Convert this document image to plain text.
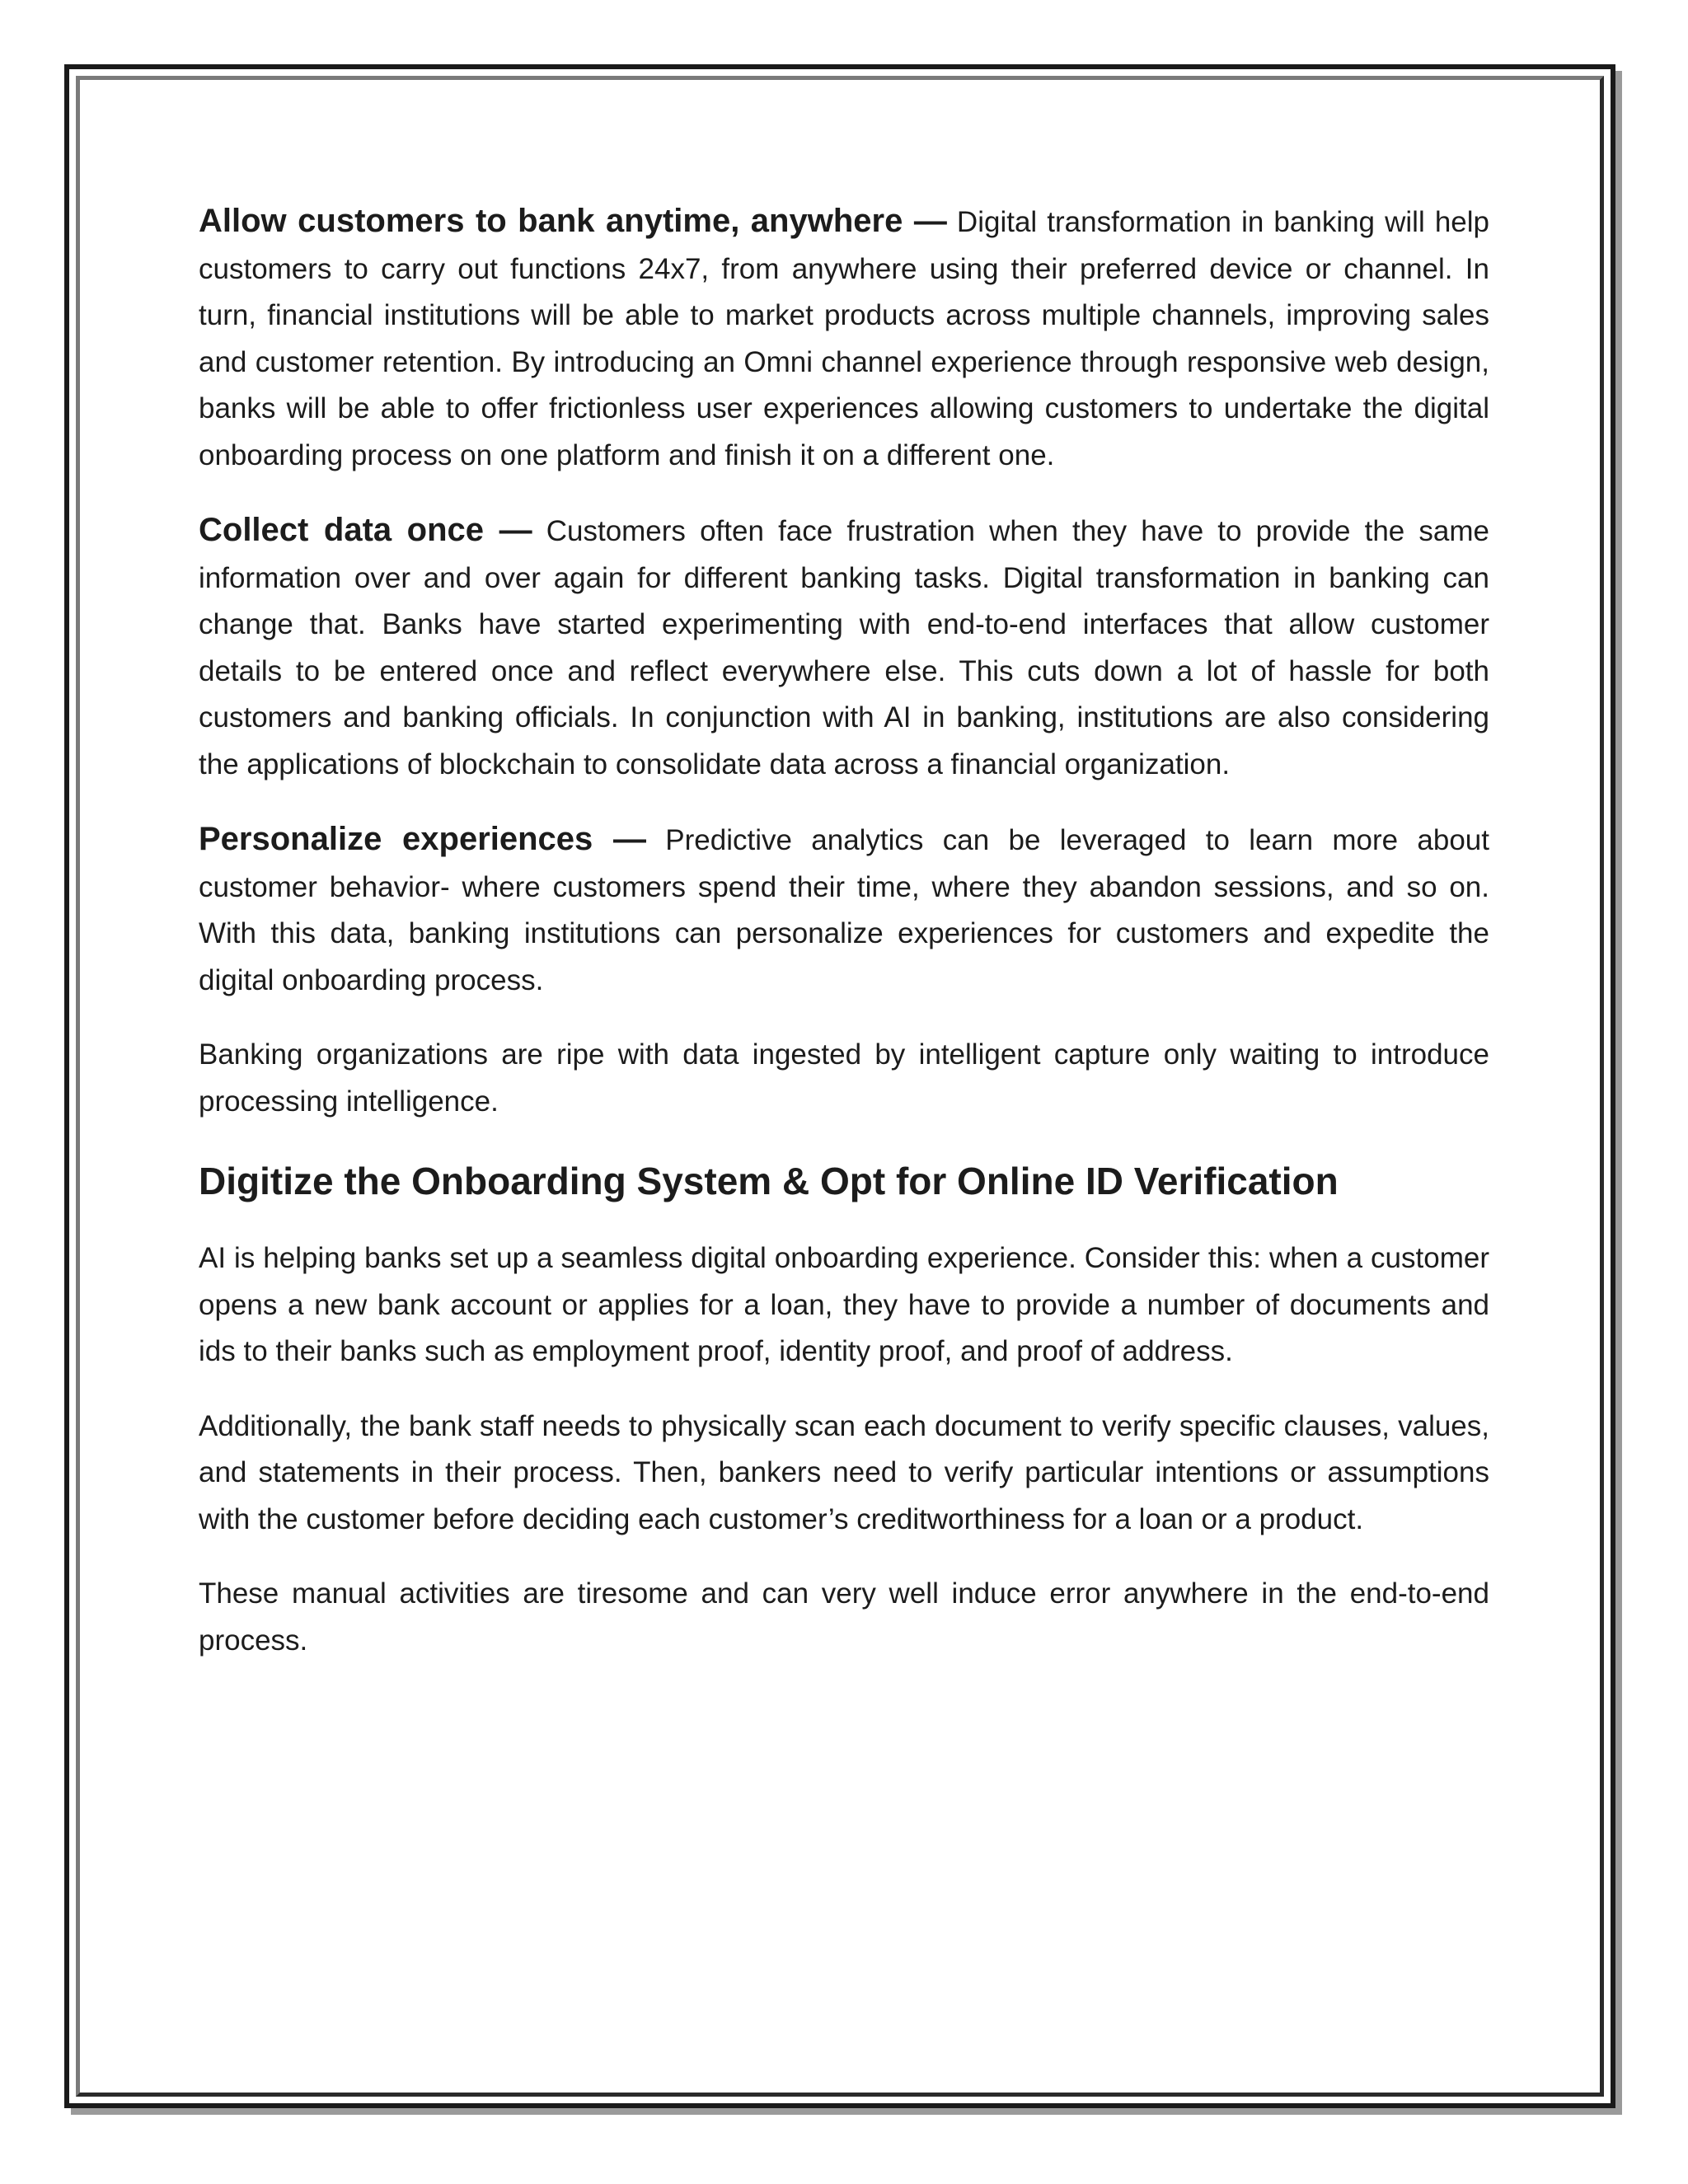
Allow customers to bank anytime, anywhere — Digital transformation in banking will help customers to carry out functions 24x7, from anywhere using their preferred device or channel. In turn, financial institutions will be able to market products across multiple channels, improving sales and customer retention. By introducing an Omni channel experience through responsive web design, banks will be able to offer frictionless user experiences allowing customers to undertake the digital onboarding process on one platform and finish it on a different one.

Collect data once — Customers often face frustration when they have to provide the same information over and over again for different banking tasks. Digital transformation in banking can change that. Banks have started experimenting with end-to-end interfaces that allow customer details to be entered once and reflect everywhere else. This cuts down a lot of hassle for both customers and banking officials. In conjunction with AI in banking, institutions are also considering the applications of blockchain to consolidate data across a financial organization.

Personalize experiences — Predictive analytics can be leveraged to learn more about customer behavior- where customers spend their time, where they abandon sessions, and so on. With this data, banking institutions can personalize experiences for customers and expedite the digital onboarding process.

Banking organizations are ripe with data ingested by intelligent capture only waiting to introduce processing intelligence.

Digitize the Onboarding System & Opt for Online ID Verification

AI is helping banks set up a seamless digital onboarding experience. Consider this: when a customer opens a new bank account or applies for a loan, they have to provide a number of documents and ids to their banks such as employment proof, identity proof, and proof of address.

Additionally, the bank staff needs to physically scan each document to verify specific clauses, values, and statements in their process. Then, bankers need to verify particular intentions or assumptions with the customer before deciding each customer’s creditworthiness for a loan or a product.

These manual activities are tiresome and can very well induce error anywhere in the end-to-end process.
